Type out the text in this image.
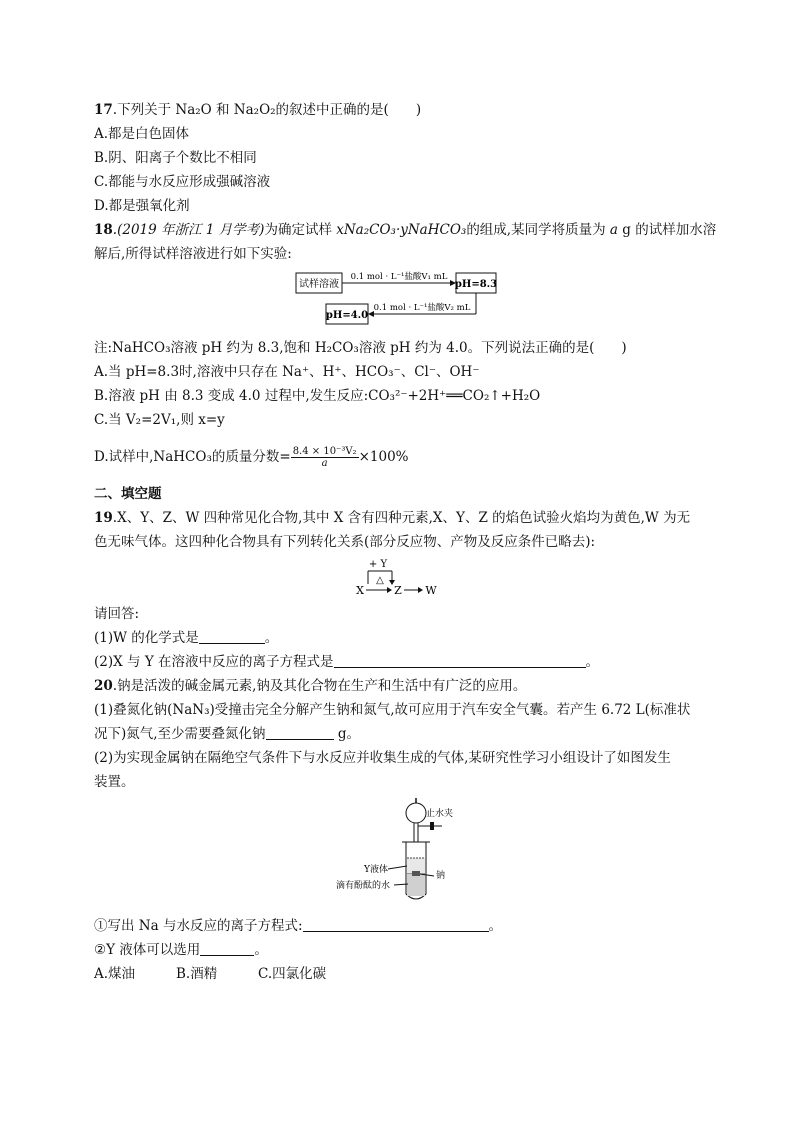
17.下列关于 Na₂O 和 Na₂O₂的叙述中正确的是(　　)
A.都是白色固体
B.阴、阳离子个数比不相同
C.都能与水反应形成强碱溶液
D.都是强氧化剂
18.(2019 年浙江 1 月学考)为确定试样 xNa₂CO₃·yNaHCO₃的组成,某同学将质量为 a g 的试样加水溶
解后,所得试样溶液进行如下实验:
试样溶液
0.1 mol · L⁻¹盐酸V₁ mL
pH=8.3
0.1 mol · L⁻¹盐酸V₂ mL
pH=4.0
注:NaHCO₃溶液 pH 约为 8.3,饱和 H₂CO₃溶液 pH 约为 4.0。下列说法正确的是(　　)
A.当 pH=8.3时,溶液中只存在 Na⁺、H⁺、HCO₃⁻、Cl⁻、OH⁻
B.溶液 pH 由 8.3 变成 4.0 过程中,发生反应:CO₃²⁻+2H⁺══CO₂↑+H₂O
C.当 V₂=2V₁,则 x=y
D.试样中,NaHCO₃的质量分数= $\frac{\text{8.4 × 10⁻³V₂}}{a} \times 100\%$
二、填空题
19.X、Y、Z、W 四种常见化合物,其中 X 含有四种元素,X、Y、Z 的焰色试验火焰均为黄色,W 为无
色无味气体。这四种化合物具有下列转化关系(部分反应物、产物及反应条件已略去):
+ Y
△
X	Z W
请回答:
(1)W 的化学式是	。
(2)X 与 Y 在溶液中反应的离子方程式是	。
20.钠是活泼的碱金属元素,钠及其化合物在生产和生活中有广泛的应用。
(1)叠氮化钠(NaN₃)受撞击完全分解产生钠和氮气,故可应用于汽车安全气囊。若产生 6.72 L(标准状
况下)氮气,至少需要叠氮化钠	g。
(2)为实现金属钠在隔绝空气条件下与水反应并收集生成的气体,某研究性学习小组设计了如图发生
装置。
止水夹
Y液体
钠
滴有酚酞的水
①写出 Na 与水反应的离子方程式:	。
②Y 液体可以选用	。
A.煤油	B.酒精	C.四氯化碳
